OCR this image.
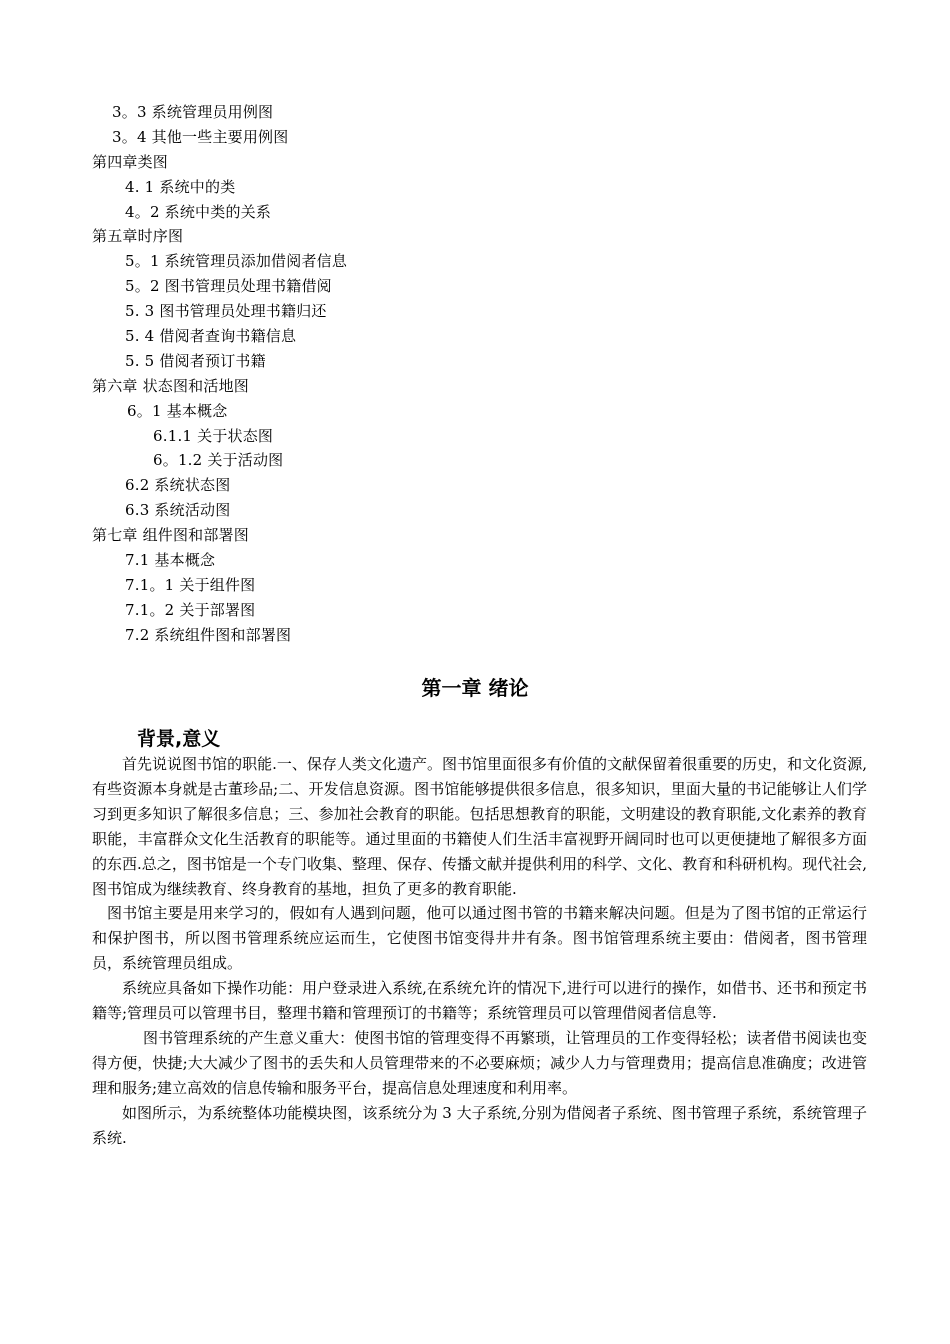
3。3 系统管理员用例图
3。4 其他一些主要用例图
第四章类图
4. 1 系统中的类
4。2 系统中类的关系
第五章时序图
5。1 系统管理员添加借阅者信息
5。2 图书管理员处理书籍借阅
5. 3 图书管理员处理书籍归还
5. 4 借阅者查询书籍信息
5. 5 借阅者预订书籍
第六章 状态图和活地图
6。1 基本概念
6.1.1 关于状态图
6。1.2 关于活动图
6.2 系统状态图
6.3 系统活动图
第七章 组件图和部署图
7.1 基本概念
7.1。1 关于组件图
7.1。2 关于部署图
7.2 系统组件图和部署图
第一章 绪论
背景,意义

首先说说图书馆的职能.一、保存人类文化遗产。图书馆里面很多有价值的文献保留着很重要的历史，和文化资源,有些资源本身就是古董珍品;二、开发信息资源。图书馆能够提供很多信息，很多知识，里面大量的书记能够让人们学习到更多知识了解很多信息；三、参加社会教育的职能。包括思想教育的职能，文明建设的教育职能,文化素养的教育职能，丰富群众文化生活教育的职能等。通过里面的书籍使人们生活丰富视野开阔同时也可以更便捷地了解很多方面的东西.总之，图书馆是一个专门收集、整理、保存、传播文献并提供利用的科学、文化、教育和科研机构。现代社会,图书馆成为继续教育、终身教育的基地，担负了更多的教育职能.

图书馆主要是用来学习的，假如有人遇到问题，他可以通过图书管的书籍来解决问题。但是为了图书馆的正常运行和保护图书，所以图书管理系统应运而生，它使图书馆变得井井有条。图书馆管理系统主要由：借阅者，图书管理员，系统管理员组成。

系统应具备如下操作功能：用户登录进入系统,在系统允许的情况下,进行可以进行的操作，如借书、还书和预定书籍等;管理员可以管理书目，整理书籍和管理预订的书籍等；系统管理员可以管理借阅者信息等.

图书管理系统的产生意义重大：使图书馆的管理变得不再繁琐，让管理员的工作变得轻松；读者借书阅读也变得方便，快捷;大大减少了图书的丢失和人员管理带来的不必要麻烦；减少人力与管理费用；提高信息准确度；改进管理和服务;建立高效的信息传输和服务平台，提高信息处理速度和利用率。

如图所示，为系统整体功能模块图，该系统分为 3 大子系统,分别为借阅者子系统、图书管理子系统，系统管理子系统.
